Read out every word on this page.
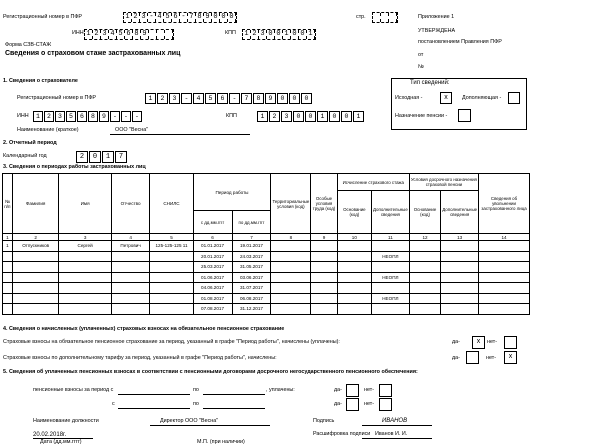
Регистрационный номер в ПФР	1 2 3 - 4 5 6 - 7 8 9 0 0 0	стр.
ИНН 1 2 3 4 5 6 8 9	КПП 1 2 3 0 0 1 0 0 1
Форма СЗВ-СТАЖ
Сведения о страховом стаже застрахованных лиц
Приложение 1
УТВЕРЖДЕНА
постановлением Правления ПФР
от
№
1. Сведения о страхователе
Регистрационный номер в ПФР	1	2	3	-	4	5	6	-	7	8	9	0	0	0
ИНН	1	2	3	5	6	8	9	-	-	-	КПП	1	2	3	0	0	1	0	0	1
Наименование (краткое)	ООО "Весна"
Тип сведений:
Исходная -	x	Дополняющая -
Назначение пенсии -
2. Отчетный период
Календарный год	2	0	1	7
3. Сведения о периодах работы застрахованных лиц
№ п/п	Фамилия	Имя	Отчество	СНИЛС	Период работы		Территориальные условия (код)	Особые условия труда (код)	Исчисление страхового стажа		Условия досрочного назначения страховой пенсии		Сведения об увольнении застрахованного лица
									Основание (код)	Дополнительные сведения	Основание (код)	Дополнительные сведения	
					с дд.мм.гггг	по дд.мм.гггг							
1	2	3	4	5	6	7	8	9	10	11	12	13	14
1	Отпускников	Сергей	Петрович	125-125-125 11	01.01.2017	19.01.2017							
					20.01.2017	24.03.2017				НЕОПЛ			
					25.03.2017	31.05.2017							
					01.06.2017	03.06.2017				НЕОПЛ			
					04.06.2017	31.07.2017							
					01.08.2017	06.08.2017				НЕОПЛ			
					07.08.2017	31.12.2017							
4. Сведения о начисленных (уплаченных) страховых взносах на обязательное пенсионное страхование
Страховые взносы на обязательное пенсионное страхование за период, указанный в графе "Период работы", начислены (уплачены):	да-	x	нет-
Страховые взносы по дополнительному тарифу за период, указанный в графе "Период работы", начислены:	да-	нет-	x
5. Сведения об уплаченных пенсионных взносах в соответствии с пенсионными договорами досрочного негосударственного пенсионного обеспечения:
пенсионные взносы за период с	по	, уплачены:	да-	нет-
с	по	да-	нет-
Наименование должности	Директор ООО "Весна"	Подпись	ИВАНОВ
Расшифровка подписи Иванов И. И.
20.02.2018г.
Дата (дд.мм.гггг)	М.П. (при наличии)
